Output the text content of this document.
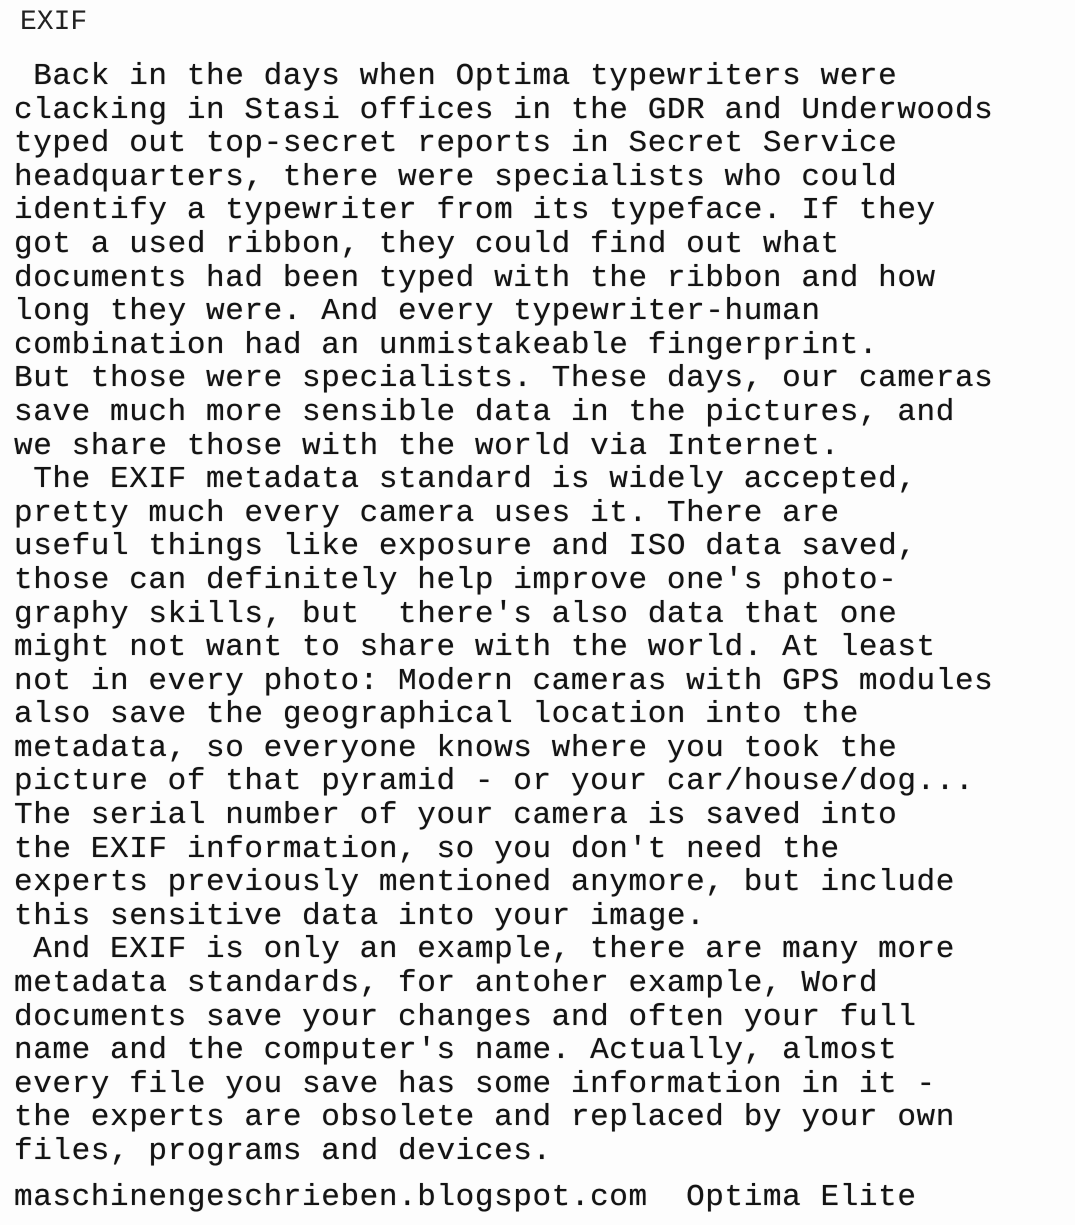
EXIF
Back in the days when Optima typewriters were
clacking in Stasi offices in the GDR and Underwoods
typed out top-secret reports in Secret Service
headquarters, there were specialists who could
identify a typewriter from its typeface. If they
got a used ribbon, they could find out what
documents had been typed with the ribbon and how
long they were. And every typewriter-human
combination had an unmistakeable fingerprint.
But those were specialists. These days, our cameras
save much more sensible data in the pictures, and
we share those with the world via Internet.
The EXIF metadata standard is widely accepted,
pretty much every camera uses it. There are
useful things like exposure and ISO data saved,
those can definitely help improve one's photo-
graphy skills, but  there's also data that one
might not want to share with the world. At least
not in every photo: Modern cameras with GPS modules
also save the geographical location into the
metadata, so everyone knows where you took the
picture of that pyramid - or your car/house/dog...
The serial number of your camera is saved into
the EXIF information, so you don't need the
experts previously mentioned anymore, but include
this sensitive data into your image.
And EXIF is only an example, there are many more
metadata standards, for antoher example, Word
documents save your changes and often your full
name and the computer's name. Actually, almost
every file you save has some information in it -
the experts are obsolete and replaced by your own
files, programs and devices.
maschinengeschrieben.blogspot.com  Optima Elite
